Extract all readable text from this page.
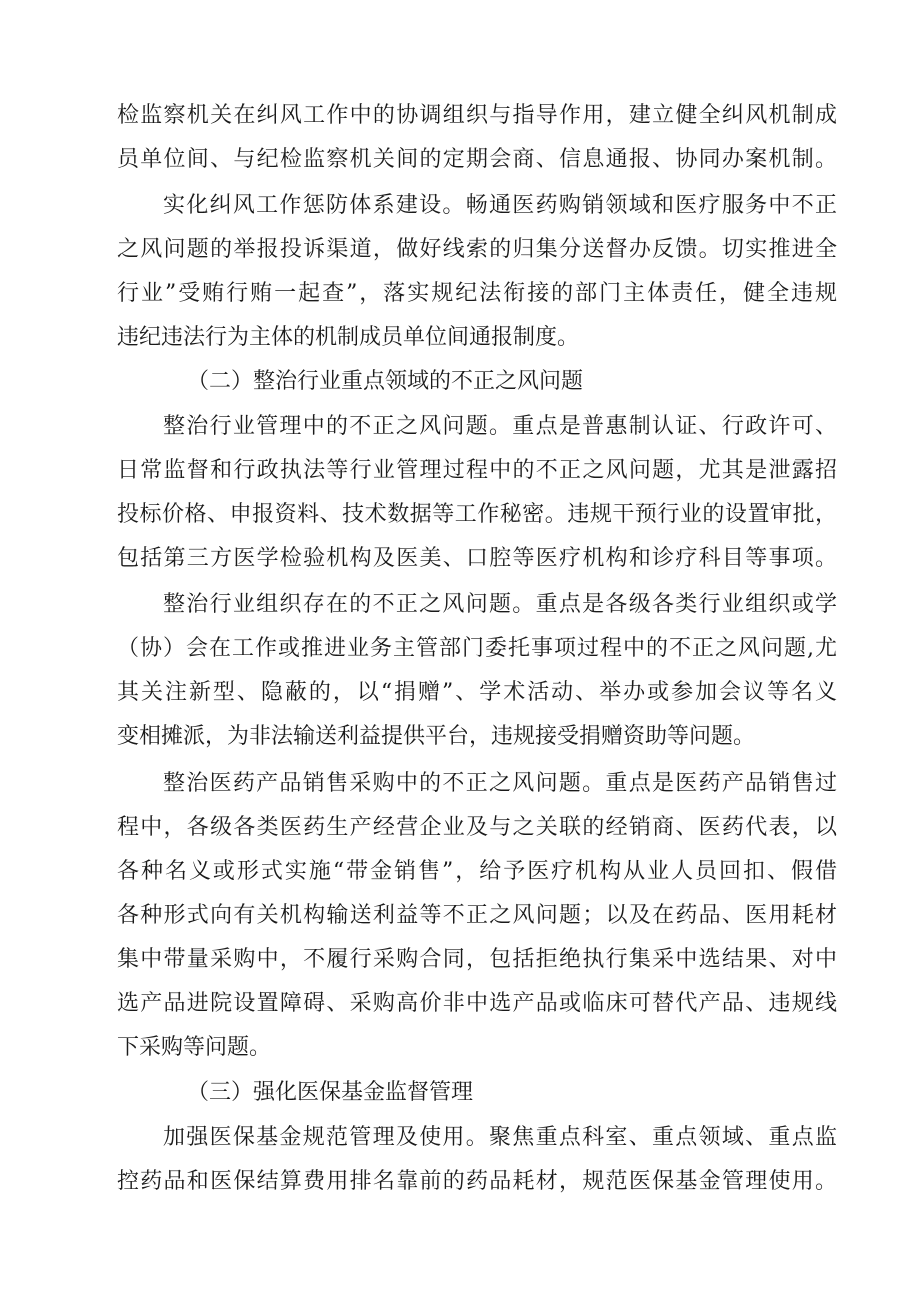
检监察机关在纠风工作中的协调组织与指导作用，建立健全纠风机制成
员单位间、与纪检监察机关间的定期会商、信息通报、协同办案机制。
实化纠风工作惩防体系建设。畅通医药购销领域和医疗服务中不正
之风问题的举报投诉渠道，做好线索的归集分送督办反馈。切实推进全
行业”受贿行贿一起查”，落实规纪法衔接的部门主体责任，健全违规
违纪违法行为主体的机制成员单位间通报制度。
（二）整治行业重点领域的不正之风问题
整治行业管理中的不正之风问题。重点是普惠制认证、行政许可、
日常监督和行政执法等行业管理过程中的不正之风问题，尤其是泄露招
投标价格、申报资料、技术数据等工作秘密。违规干预行业的设置审批，
包括第三方医学检验机构及医美、口腔等医疗机构和诊疗科目等事项。
整治行业组织存在的不正之风问题。重点是各级各类行业组织或学
（协）会在工作或推进业务主管部门委托事项过程中的不正之风问题,尤
其关注新型、隐蔽的，以“捐赠”、学术活动、举办或参加会议等名义
变相摊派，为非法输送利益提供平台，违规接受捐赠资助等问题。
整治医药产品销售采购中的不正之风问题。重点是医药产品销售过
程中，各级各类医药生产经营企业及与之关联的经销商、医药代表，以
各种名义或形式实施“带金销售”，给予医疗机构从业人员回扣、假借
各种形式向有关机构输送利益等不正之风问题；以及在药品、医用耗材
集中带量采购中，不履行采购合同，包括拒绝执行集采中选结果、对中
选产品进院设置障碍、采购高价非中选产品或临床可替代产品、违规线
下采购等问题。
（三）强化医保基金监督管理
加强医保基金规范管理及使用。聚焦重点科室、重点领域、重点监
控药品和医保结算费用排名靠前的药品耗材，规范医保基金管理使用。
